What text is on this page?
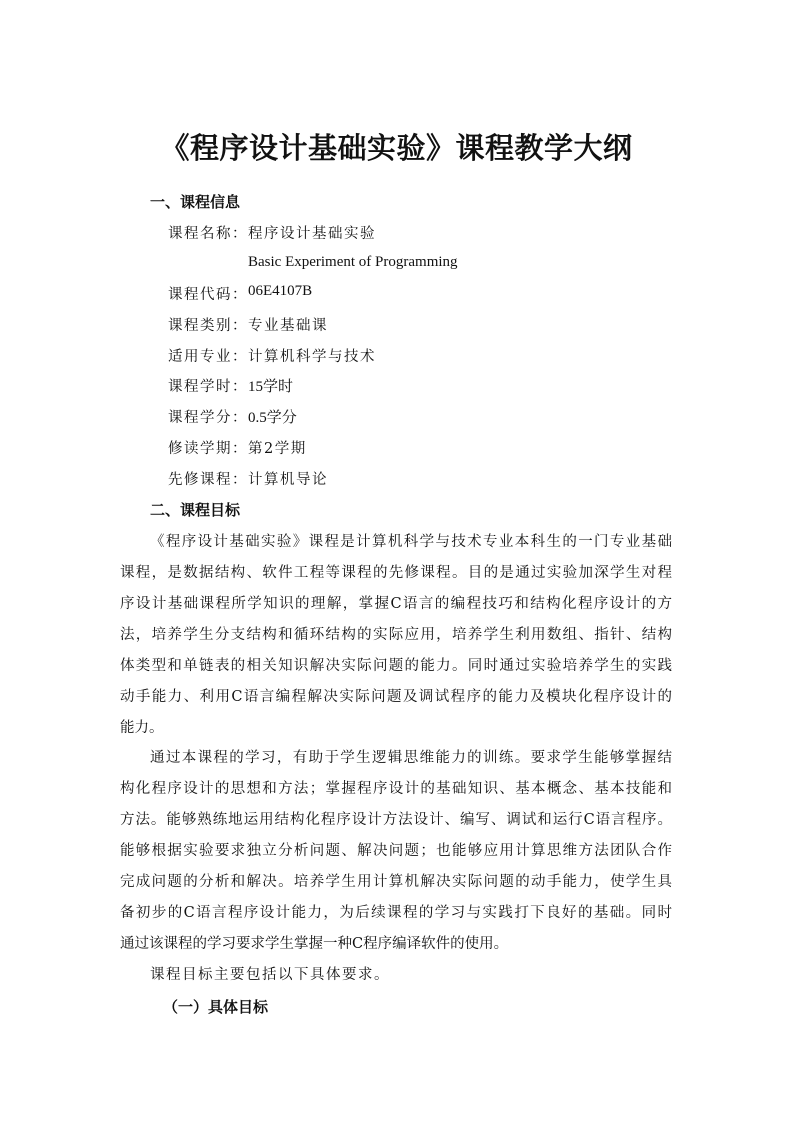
《程序设计基础实验》课程教学大纲
一、课程信息
课程名称： 程序设计基础实验
Basic Experiment of Programming
课程代码： 06E4107B
课程类别： 专业基础课
适用专业： 计算机科学与技术
课程学时： 15学时
课程学分： 0.5学分
修读学期： 第2学期
先修课程： 计算机导论
二、课程目标
《程序设计基础实验》课程是计算机科学与技术专业本科生的一门专业基础
课程，是数据结构、软件工程等课程的先修课程。目的是通过实验加深学生对程
序设计基础课程所学知识的理解，掌握C语言的编程技巧和结构化程序设计的方
法，培养学生分支结构和循环结构的实际应用，培养学生利用数组、指针、结构
体类型和单链表的相关知识解决实际问题的能力。同时通过实验培养学生的实践
动手能力、利用C语言编程解决实际问题及调试程序的能力及模块化程序设计的
能力。
通过本课程的学习，有助于学生逻辑思维能力的训练。要求学生能够掌握结
构化程序设计的思想和方法；掌握程序设计的基础知识、基本概念、基本技能和
方法。能够熟练地运用结构化程序设计方法设计、编写、调试和运行C语言程序。
能够根据实验要求独立分析问题、解决问题；也能够应用计算思维方法团队合作
完成问题的分析和解决。培养学生用计算机解决实际问题的动手能力，使学生具
备初步的C语言程序设计能力，为后续课程的学习与实践打下良好的基础。同时
通过该课程的学习要求学生掌握一种C程序编译软件的使用。
课程目标主要包括以下具体要求。
（一）具体目标
